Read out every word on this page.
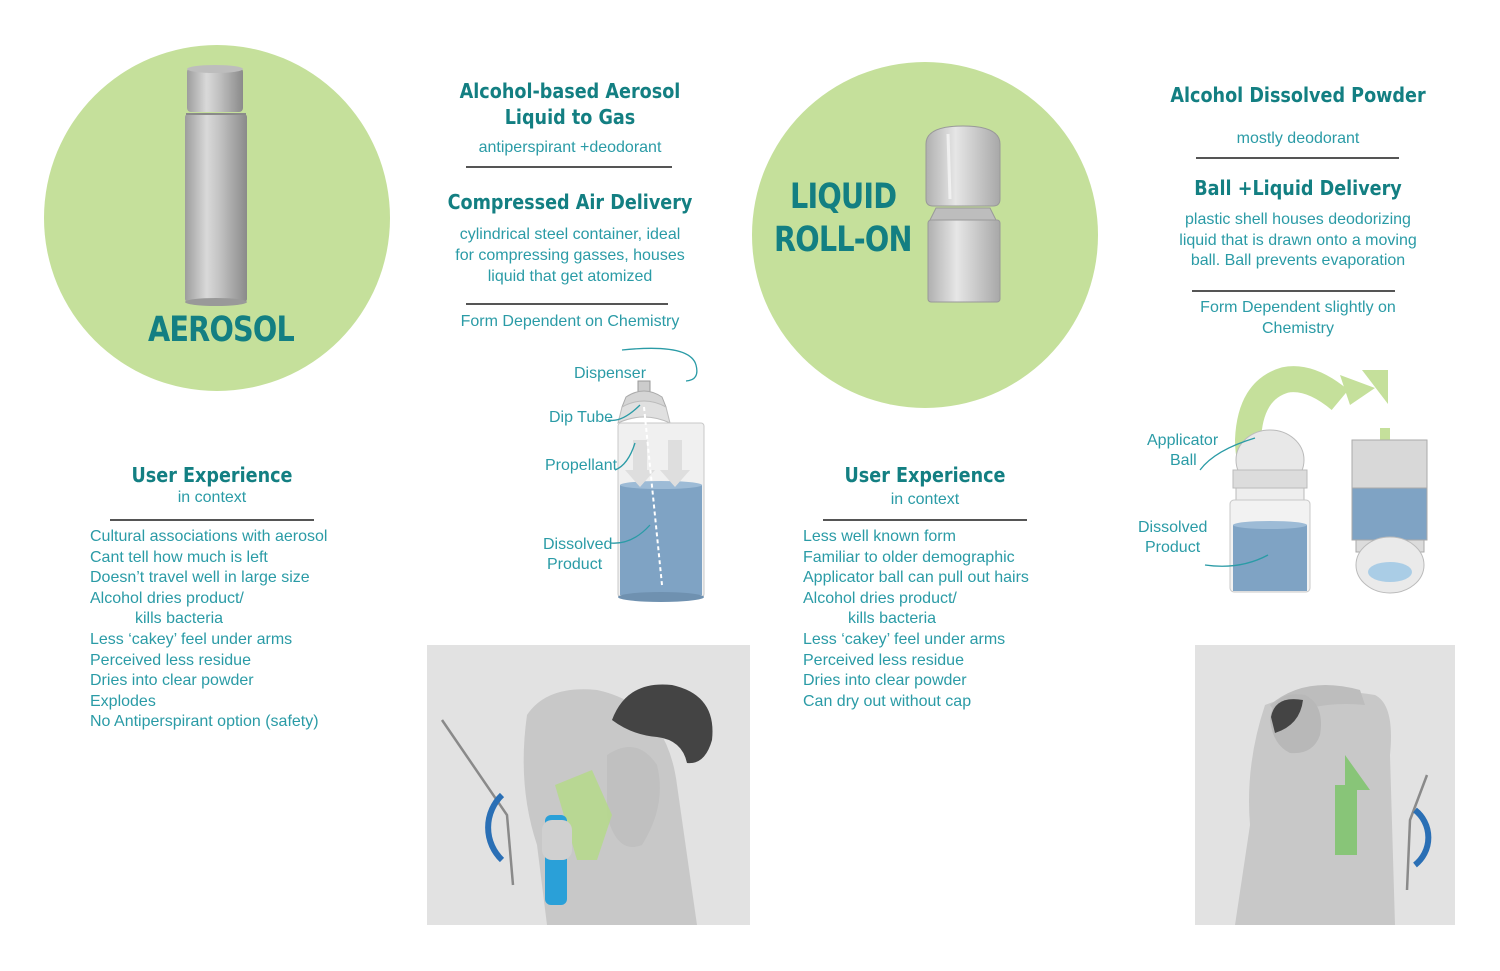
AEROSOL
Alcohol-based Aerosol
Liquid to Gas
antiperspirant +deodorant
Compressed Air Delivery
cylindrical steel container, ideal
for compressing gasses, houses
liquid that get atomized
Form Dependent on Chemistry
Dispenser
Dip Tube
Propellant
Dissolved
Product
User Experience
in context
Cultural associations with aerosol
Cant tell how much is left
Doesn’t travel well in large size
Alcohol dries product/
kills bacteria
Less ‘cakey’ feel under arms
Perceived less residue
Dries into clear powder
Explodes
No Antiperspirant option (safety)
LIQUID
ROLL-ON
Alcohol Dissolved Powder
mostly deodorant
Ball +Liquid Delivery
plastic shell houses deodorizing
liquid that is drawn onto a moving
ball. Ball prevents evaporation
Form Dependent slightly on
Chemistry
Applicator
Ball
Dissolved
Product
User Experience
in context
Less well known form
Familiar to older demographic
Applicator ball can pull out hairs
Alcohol dries product/
kills bacteria
Less ‘cakey’ feel under arms
Perceived less residue
Dries into clear powder
Can dry out without cap
